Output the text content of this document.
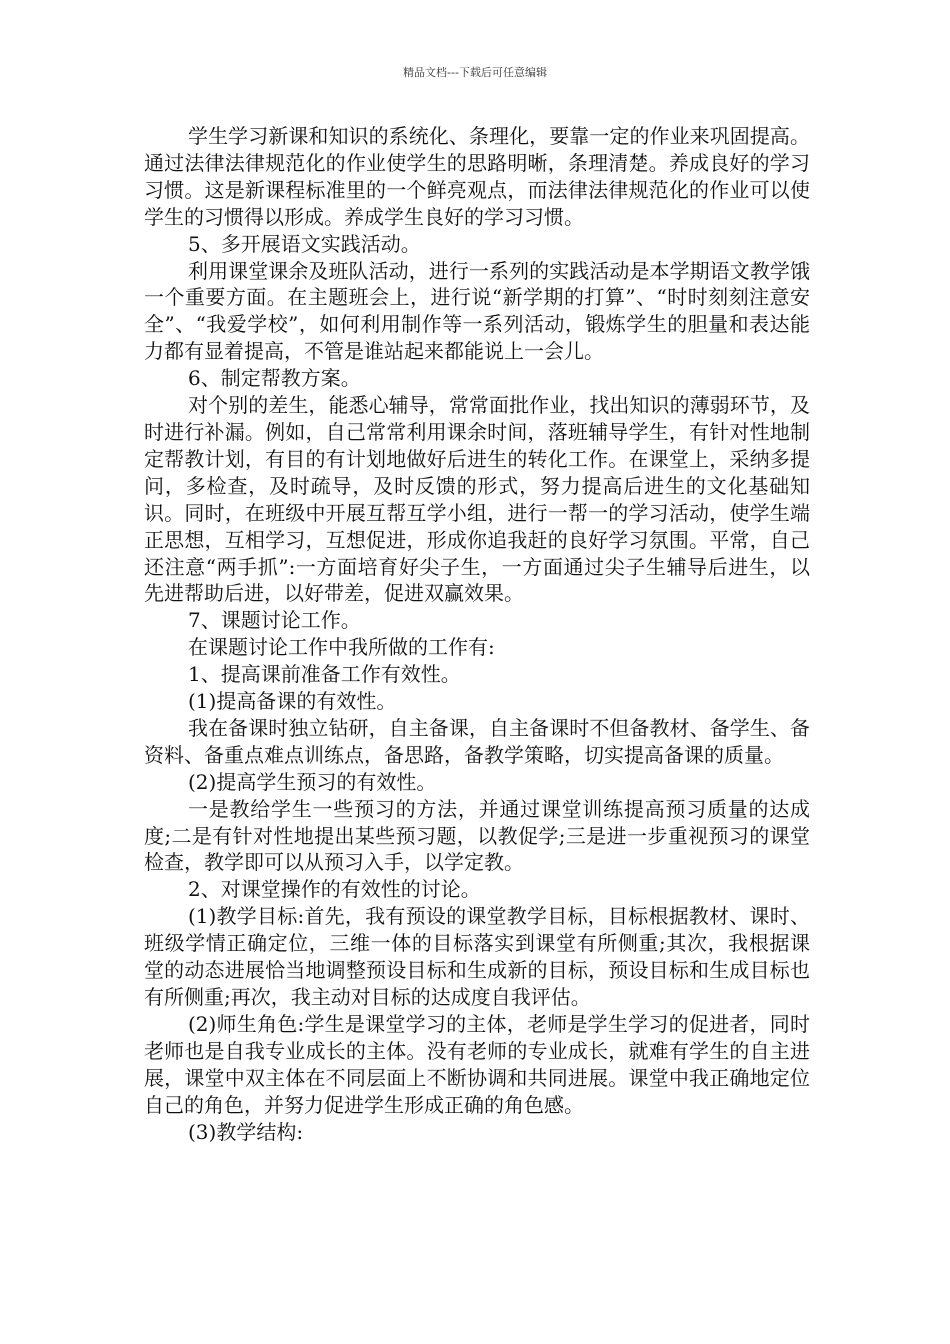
精品文档---下载后可任意编辑

学生学习新课和知识的系统化、条理化，要靠一定的作业来巩固提高。通过法律法律规范化的作业使学生的思路明晰，条理清楚。养成良好的学习习惯。这是新课程标准里的一个鲜亮观点，而法律法律规范化的作业可以使学生的习惯得以形成。养成学生良好的学习习惯。

5、多开展语文实践活动。

利用课堂课余及班队活动，进行一系列的实践活动是本学期语文教学饿一个重要方面。在主题班会上，进行说“新学期的打算”、“时时刻刻注意安全”、“我爱学校”，如何利用制作等一系列活动，锻炼学生的胆量和表达能力都有显着提高，不管是谁站起来都能说上一会儿。

6、制定帮教方案。

对个别的差生，能悉心辅导，常常面批作业，找出知识的薄弱环节，及时进行补漏。例如，自己常常利用课余时间，落班辅导学生，有针对性地制定帮教计划，有目的有计划地做好后进生的转化工作。在课堂上，采纳多提问，多检查，及时疏导，及时反馈的形式，努力提高后进生的文化基础知识。同时，在班级中开展互帮互学小组，进行一帮一的学习活动，使学生端正思想，互相学习，互想促进，形成你追我赶的良好学习氛围。平常，自己还注意“两手抓”:一方面培育好尖子生，一方面通过尖子生辅导后进生，以先进帮助后进，以好带差，促进双赢效果。

7、课题讨论工作。

在课题讨论工作中我所做的工作有:

1、提高课前准备工作有效性。

(1)提高备课的有效性。

我在备课时独立钻研，自主备课，自主备课时不但备教材、备学生、备资料、备重点难点训练点，备思路，备教学策略，切实提高备课的质量。

(2)提高学生预习的有效性。

一是教给学生一些预习的方法，并通过课堂训练提高预习质量的达成度;二是有针对性地提出某些预习题，以教促学;三是进一步重视预习的课堂检查，教学即可以从预习入手，以学定教。

2、对课堂操作的有效性的讨论。

(1)教学目标:首先，我有预设的课堂教学目标，目标根据教材、课时、班级学情正确定位，三维一体的目标落实到课堂有所侧重;其次，我根据课堂的动态进展恰当地调整预设目标和生成新的目标，预设目标和生成目标也有所侧重;再次，我主动对目标的达成度自我评估。

(2)师生角色:学生是课堂学习的主体，老师是学生学习的促进者，同时老师也是自我专业成长的主体。没有老师的专业成长，就难有学生的自主进展，课堂中双主体在不同层面上不断协调和共同进展。课堂中我正确地定位自己的角色，并努力促进学生形成正确的角色感。

(3)教学结构:
